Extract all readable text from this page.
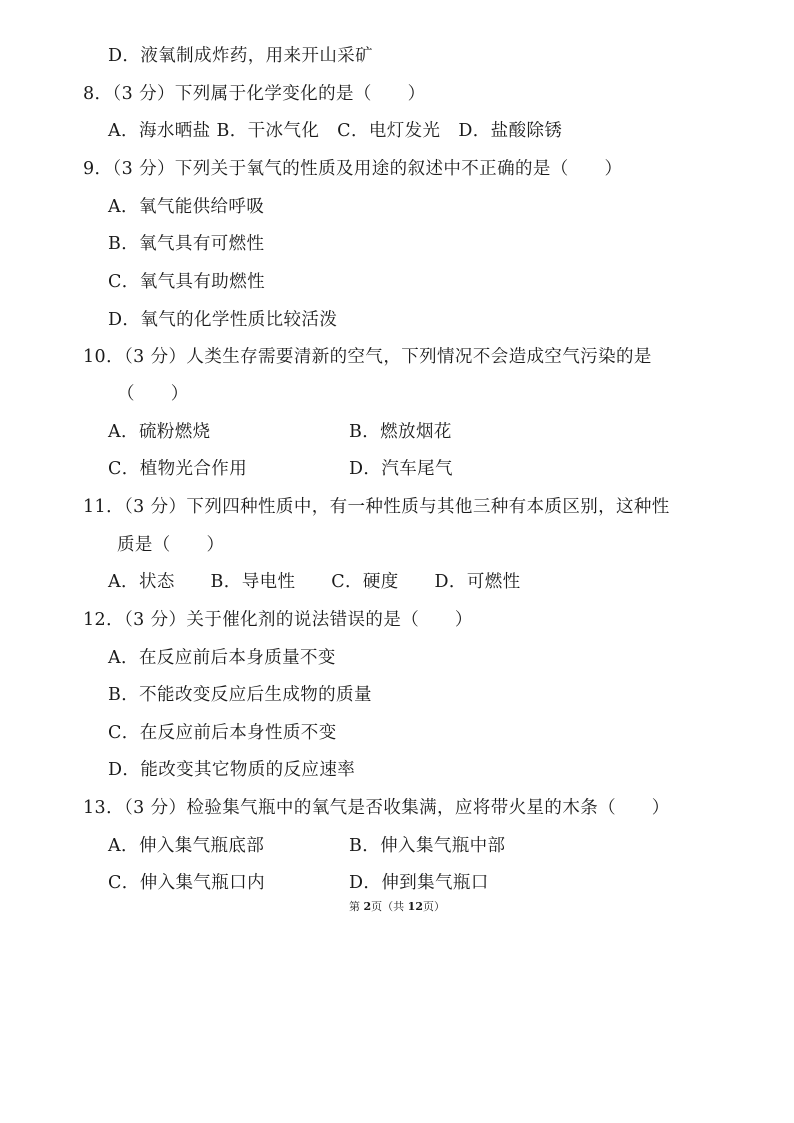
D．液氧制成炸药，用来开山采矿
8．（3 分）下列属于化学变化的是（　　）
A．海水晒盐 B．干冰气化　C．电灯发光　D．盐酸除锈
9．（3 分）下列关于氧气的性质及用途的叙述中不正确的是（　　）
A．氧气能供给呼吸
B．氧气具有可燃性
C．氧气具有助燃性
D．氧气的化学性质比较活泼
10．（3 分）人类生存需要清新的空气，下列情况不会造成空气污染的是
（　　）
A．硫粉燃烧	B．燃放烟花
C．植物光合作用	D．汽车尾气
11．（3 分）下列四种性质中，有一种性质与其他三种有本质区别，这种性
质是（　　）
A．状态　　B．导电性　　C．硬度　　D．可燃性
12．（3 分）关于催化剂的说法错误的是（　　）
A．在反应前后本身质量不变
B．不能改变反应后生成物的质量
C．在反应前后本身性质不变
D．能改变其它物质的反应速率
13．（3 分）检验集气瓶中的氧气是否收集满，应将带火星的木条（　　）
A．伸入集气瓶底部	B．伸入集气瓶中部
C．伸入集气瓶口内	D．伸到集气瓶口
第 2页（共 12页）
